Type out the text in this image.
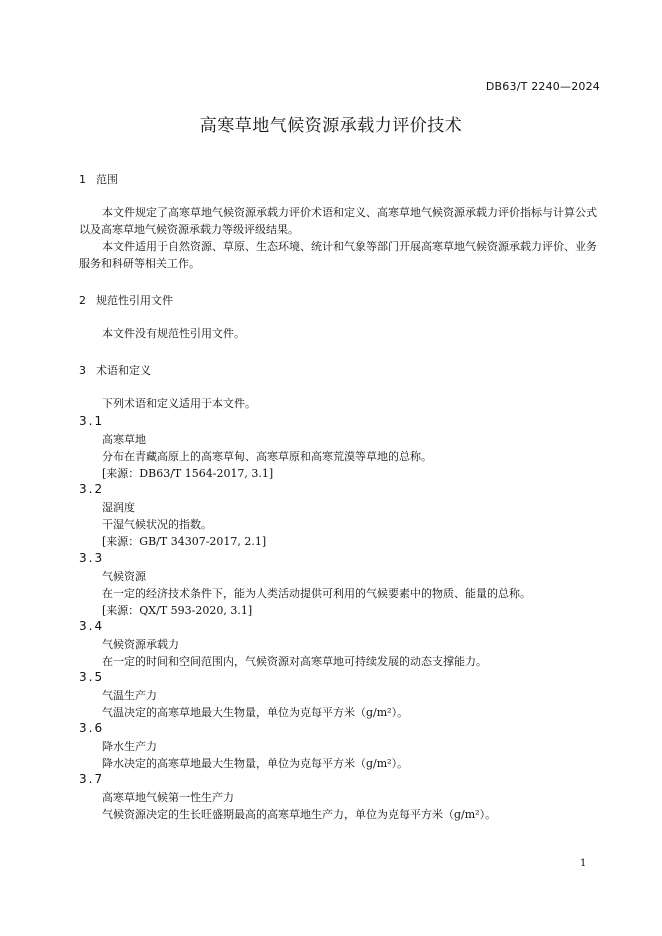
DB63/T 2240—2024
高寒草地气候资源承载力评价技术
1 范围

本文件规定了高寒草地气候资源承载力评价术语和定义、高寒草地气候资源承载力评价指标与计算公式以及高寒草地气候资源承载力等级评级结果。

本文件适用于自然资源、草原、生态环境、统计和气象等部门开展高寒草地气候资源承载力评价、业务服务和科研等相关工作。

2 规范性引用文件

本文件没有规范性引用文件。

3 术语和定义

下列术语和定义适用于本文件。

3.1
高寒草地
分布在青藏高原上的高寒草甸、高寒草原和高寒荒漠等草地的总称。
[来源：DB63/T 1564-2017, 3.1]
3.2
湿润度
干湿气候状况的指数。
[来源：GB/T 34307-2017, 2.1]
3.3
气候资源
在一定的经济技术条件下，能为人类活动提供可利用的气候要素中的物质、能量的总称。
[来源：QX/T 593-2020, 3.1]
3.4
气候资源承载力
在一定的时间和空间范围内，气候资源对高寒草地可持续发展的动态支撑能力。
3.5
气温生产力
气温决定的高寒草地最大生物量，单位为克每平方米（g/m²）。
3.6
降水生产力
降水决定的高寒草地最大生物量，单位为克每平方米（g/m²）。
3.7
高寒草地气候第一性生产力
气候资源决定的生长旺盛期最高的高寒草地生产力，单位为克每平方米（g/m²）。
1
